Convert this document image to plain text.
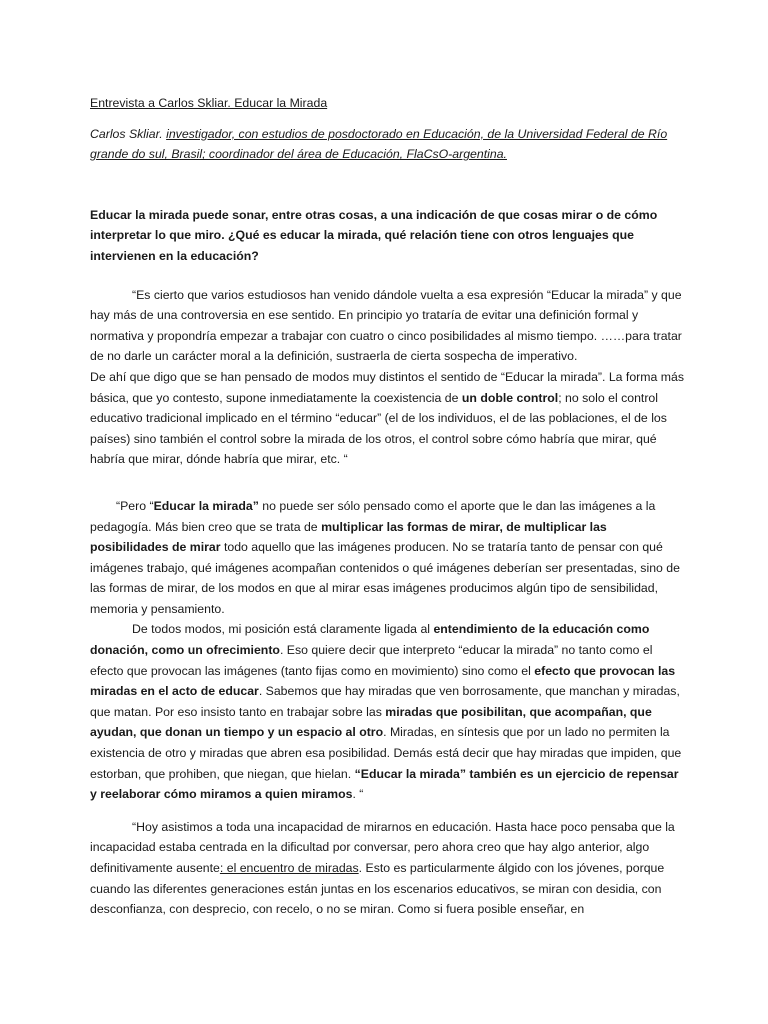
Entrevista a Carlos Skliar. Educar la Mirada

Carlos Skliar. investigador, con estudios de posdoctorado en Educación, de la Universidad Federal de Río grande do sul, Brasil; coordinador del área de Educación, FlaCsO-argentina.

Educar la mirada puede sonar, entre otras cosas, a una indicación de que cosas mirar o de cómo interpretar lo que miro. ¿Qué es educar la mirada, qué relación tiene con otros lenguajes que intervienen en la educación?

“Es cierto que varios estudiosos han venido dándole vuelta a esa expresión “Educar la mirada” y que hay más de una controversia en ese sentido. En principio yo trataría de evitar una definición formal y normativa y propondría empezar a trabajar con cuatro o cinco posibilidades al mismo tiempo. ……para tratar de no darle un carácter moral a la definición, sustraerla de cierta sospecha de imperativo.

De ahí que digo que se han pensado de modos muy distintos el sentido de “Educar la mirada”. La forma más básica, que yo contesto, supone inmediatamente la coexistencia de un doble control; no solo el control educativo tradicional implicado en el término “educar” (el de los individuos, el de las poblaciones, el de los países) sino también el control sobre la mirada de los otros, el control sobre cómo habría que mirar, qué habría que mirar, dónde habría que mirar, etc. “

“Pero “Educar la mirada” no puede ser sólo pensado como el aporte que le dan las imágenes a la pedagogía. Más bien creo que se trata de multiplicar las formas de mirar, de multiplicar las posibilidades de mirar todo aquello que las imágenes producen. No se trataría tanto de pensar con qué imágenes trabajo, qué imágenes acompañan contenidos o qué imágenes deberían ser presentadas, sino de las formas de mirar, de los modos en que al mirar esas imágenes producimos algún tipo de sensibilidad, memoria y pensamiento.

De todos modos, mi posición está claramente ligada al entendimiento de la educación como donación, como un ofrecimiento. Eso quiere decir que interpreto “educar la mirada” no tanto como el efecto que provocan las imágenes (tanto fijas como en movimiento) sino como el efecto que provocan las miradas en el acto de educar. Sabemos que hay miradas que ven borrosamente, que manchan y miradas, que matan. Por eso insisto tanto en trabajar sobre las miradas que posibilitan, que acompañan, que ayudan, que donan un tiempo y un espacio al otro. Miradas, en síntesis que por un lado no permiten la existencia de otro y miradas que abren esa posibilidad. Demás está decir que hay miradas que impiden, que estorban, que prohiben, que niegan, que hielan. “Educar la mirada” también es un ejercicio de repensar y reelaborar cómo miramos a quien miramos. “

“Hoy asistimos a toda una incapacidad de mirarnos en educación. Hasta hace poco pensaba que la incapacidad estaba centrada en la dificultad por conversar, pero ahora creo que hay algo anterior, algo definitivamente ausente: el encuentro de miradas. Esto es particularmente álgido con los jóvenes, porque cuando las diferentes generaciones están juntas en los escenarios educativos, se miran con desidia, con desconfianza, con desprecio, con recelo, o no se miran. Como si fuera posible enseñar, en
